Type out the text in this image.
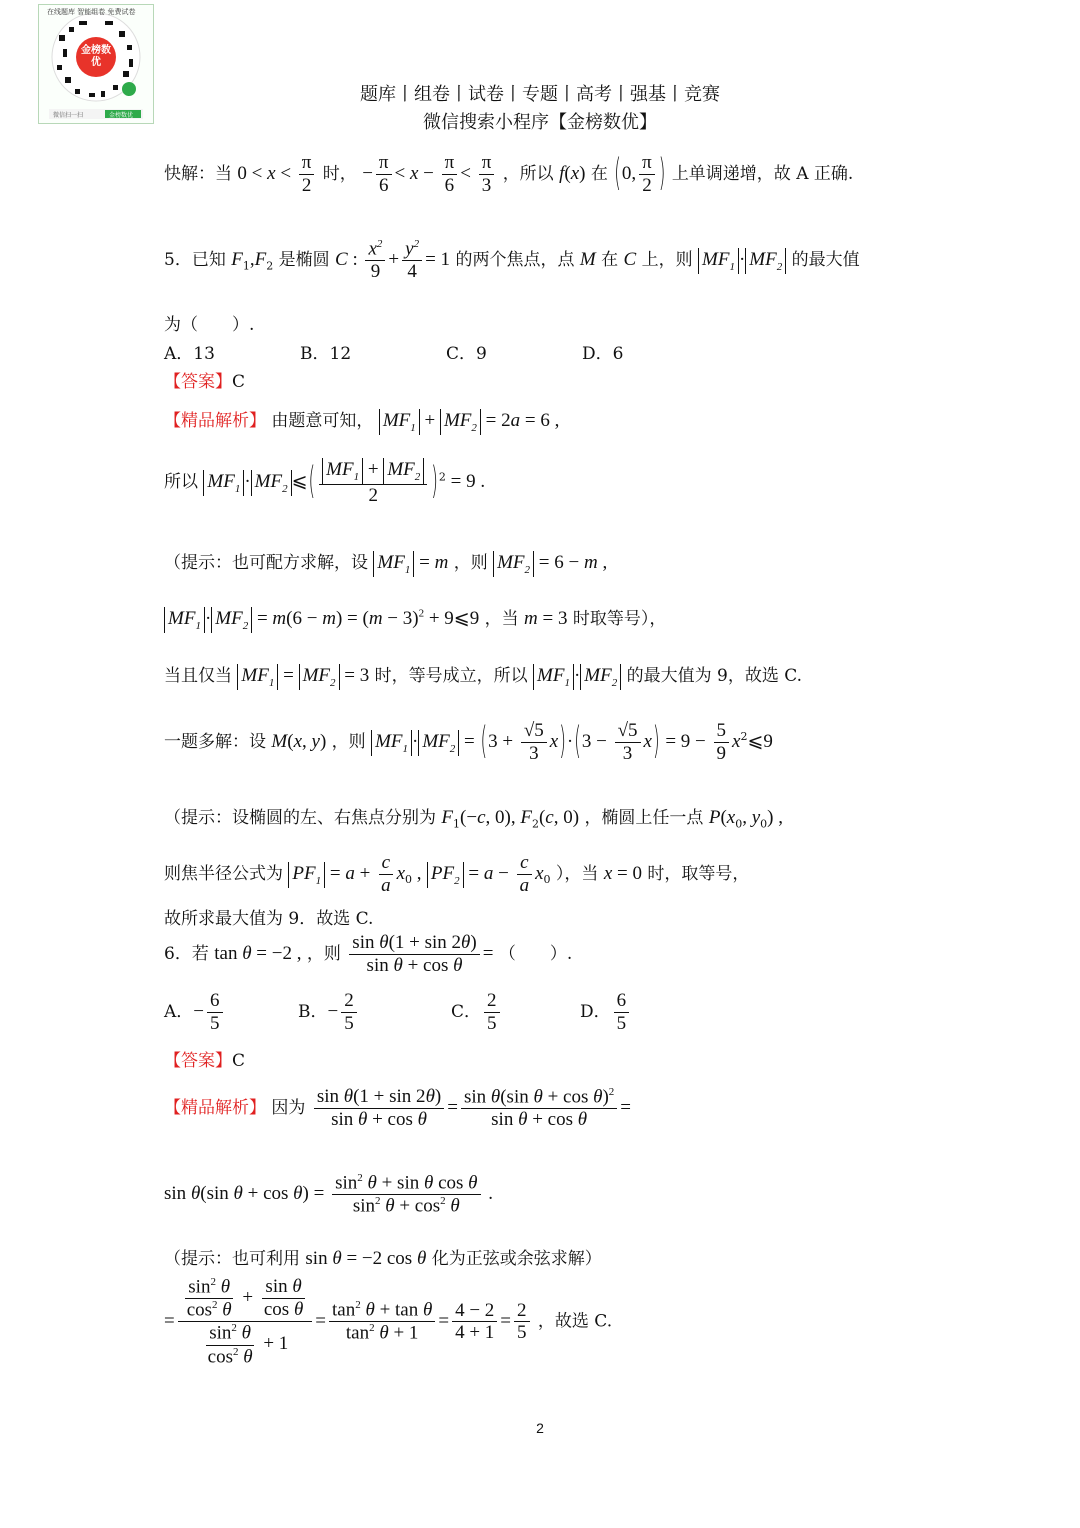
金榜数优
在线题库 智能组卷 免费试卷
微信扫一扫	金榜数优
题库丨组卷丨试卷丨专题丨高考丨强基丨竞赛
微信搜索小程序【金榜数优】
快解：当 $0 < x < \frac{\pi}{2}$ 时， − $\frac{\pi}{6} < x - \frac{\pi}{6} < \frac{\pi}{3}$ ，所以 f(x) 在 (0, $\frac{\pi}{2}$ ) 上单调递增，故 A 正确.
5．已知 $F_1,F_2$ 是椭圆 C : $\frac{x^2}{9} + \frac{y^2}{4} = 1$ 的两个焦点，点 M 在 C 上，则 $MF_1 \cdot MF_2$ 的最大值
为（　　）.
A．13	B．12	C．9	D．6
【答案】C
【精品解析】 由题意可知， $MF_1 + MF_2 = 2a = 6$ ,
所以 $MF_1 \cdot MF_2$ ⩽( $\frac{MF_1 + MF_2}{2} )^2 = 9$ .
（提示：也可配方求解，设 $MF_1 = m$ ，则 $MF_2 = 6 - m$ ,
$MF_1 \cdot MF_2 = m(6 - m) = (m - 3)^2$ + 9⩽9 ，当 m = 3 时取等号），
当且仅当 $MF_1 = MF_2 = 3$ 时，等号成立，所以 $MF_1 \cdot MF_2$ 的最大值为 9，故选 C.
一题多解：设 M(x, y) ，则 $MF_1 \cdot MF_2 = (3 + \frac{√5}{3} x)\cdot(3 - \frac{√5}{3} x) = 9 - \frac{5}{9}$ $x^2⩽9$
（提示：设椭圆的左、右焦点分别为 $F_1(-c$, 0), $F_2(c$, 0) ，椭圆上任一点 $P(x_0$, $y_0$) ,
则焦半径公式为 $PF_1 = a + \frac{c}{a} x_0$ , $PF_2 = a - \frac{c}{a} x_0$ ），当 x = 0 时，取等号，
故所求最大值为 9．故选 C.
6．若 tan θ = −2 , ，则 $\frac{\text{sin θ(1 + sin 2θ)}}{\text{sin θ + cos θ}}$ = （　　）.
A．− $\frac{6}{5}$	B．− $\frac{2}{5}$	C． $\frac{2}{5}$	D． $\frac{6}{5}$
【答案】C
【精品解析】 因为 $\frac{\text{sin θ(1 + sin 2θ)}}{\text{sin θ + cos θ}} = \frac{\sin \theta(\sin \theta + \cos \theta)^2}{\text{sin θ + cos θ}}$ =
sin θ(sin $\theta + \cos \theta) = \frac{\sin^2 \theta + \sin \theta \cos \theta}{\sin^2 \theta + \cos^2 \theta}$ .
（提示：也可利用 sin θ = −2 cos θ 化为正弦或余弦求解）
= $\frac{\frac{\sin^2 \theta}{\cos^2 \theta} + \frac{\text{sin θ}}{\text{cos θ}}}{\frac{\sin^2 \theta}{\cos^2 \theta} + 1} = \frac{\tan^2 \theta + \tan \theta}{\tan^2 \theta + 1} = \frac{4 - 2}{4 + 1} = \frac{2}{5}$ ，故选 C.
2
